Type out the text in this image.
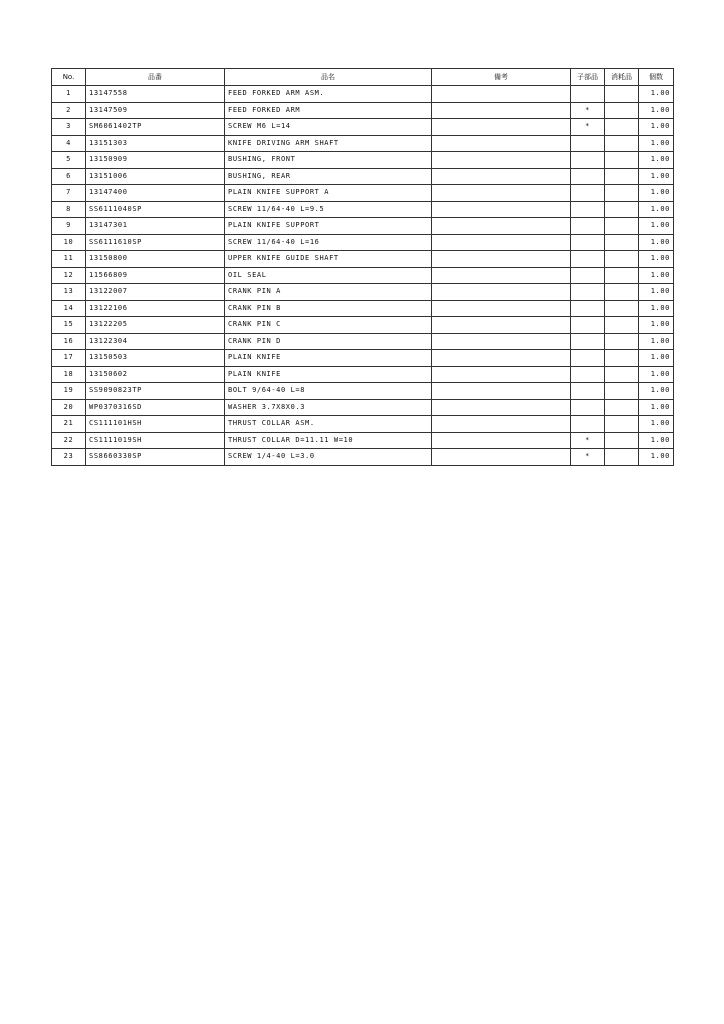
No.	品番	品名	備考	子部品	消耗品	個数
1	13147558	FEED FORKED ARM ASM.				1.00
2	13147509	FEED FORKED ARM		*		1.00
3	SM6061402TP	SCREW M6 L=14		*		1.00
4	13151303	KNIFE DRIVING ARM SHAFT				1.00
5	13150909	BUSHING, FRONT				1.00
6	13151006	BUSHING, REAR				1.00
7	13147400	PLAIN KNIFE SUPPORT A				1.00
8	SS6111040SP	SCREW 11/64-40 L=9.5				1.00
9	13147301	PLAIN KNIFE SUPPORT				1.00
10	SS6111610SP	SCREW 11/64-40 L=16				1.00
11	13150800	UPPER KNIFE GUIDE SHAFT				1.00
12	11566809	OIL SEAL				1.00
13	13122007	CRANK PIN A				1.00
14	13122106	CRANK PIN B				1.00
15	13122205	CRANK PIN C				1.00
16	13122304	CRANK PIN D				1.00
17	13150503	PLAIN KNIFE				1.00
18	13150602	PLAIN KNIFE				1.00
19	SS9090823TP	BOLT 9/64-40 L=8				1.00
20	WP0370316SD	WASHER 3.7X8X0.3				1.00
21	CS111101HSH	THRUST COLLAR ASM.				1.00
22	CS1111019SH	THRUST COLLAR D=11.11 W=10		*		1.00
23	SS8660330SP	SCREW 1/4-40 L=3.0		*		1.00
